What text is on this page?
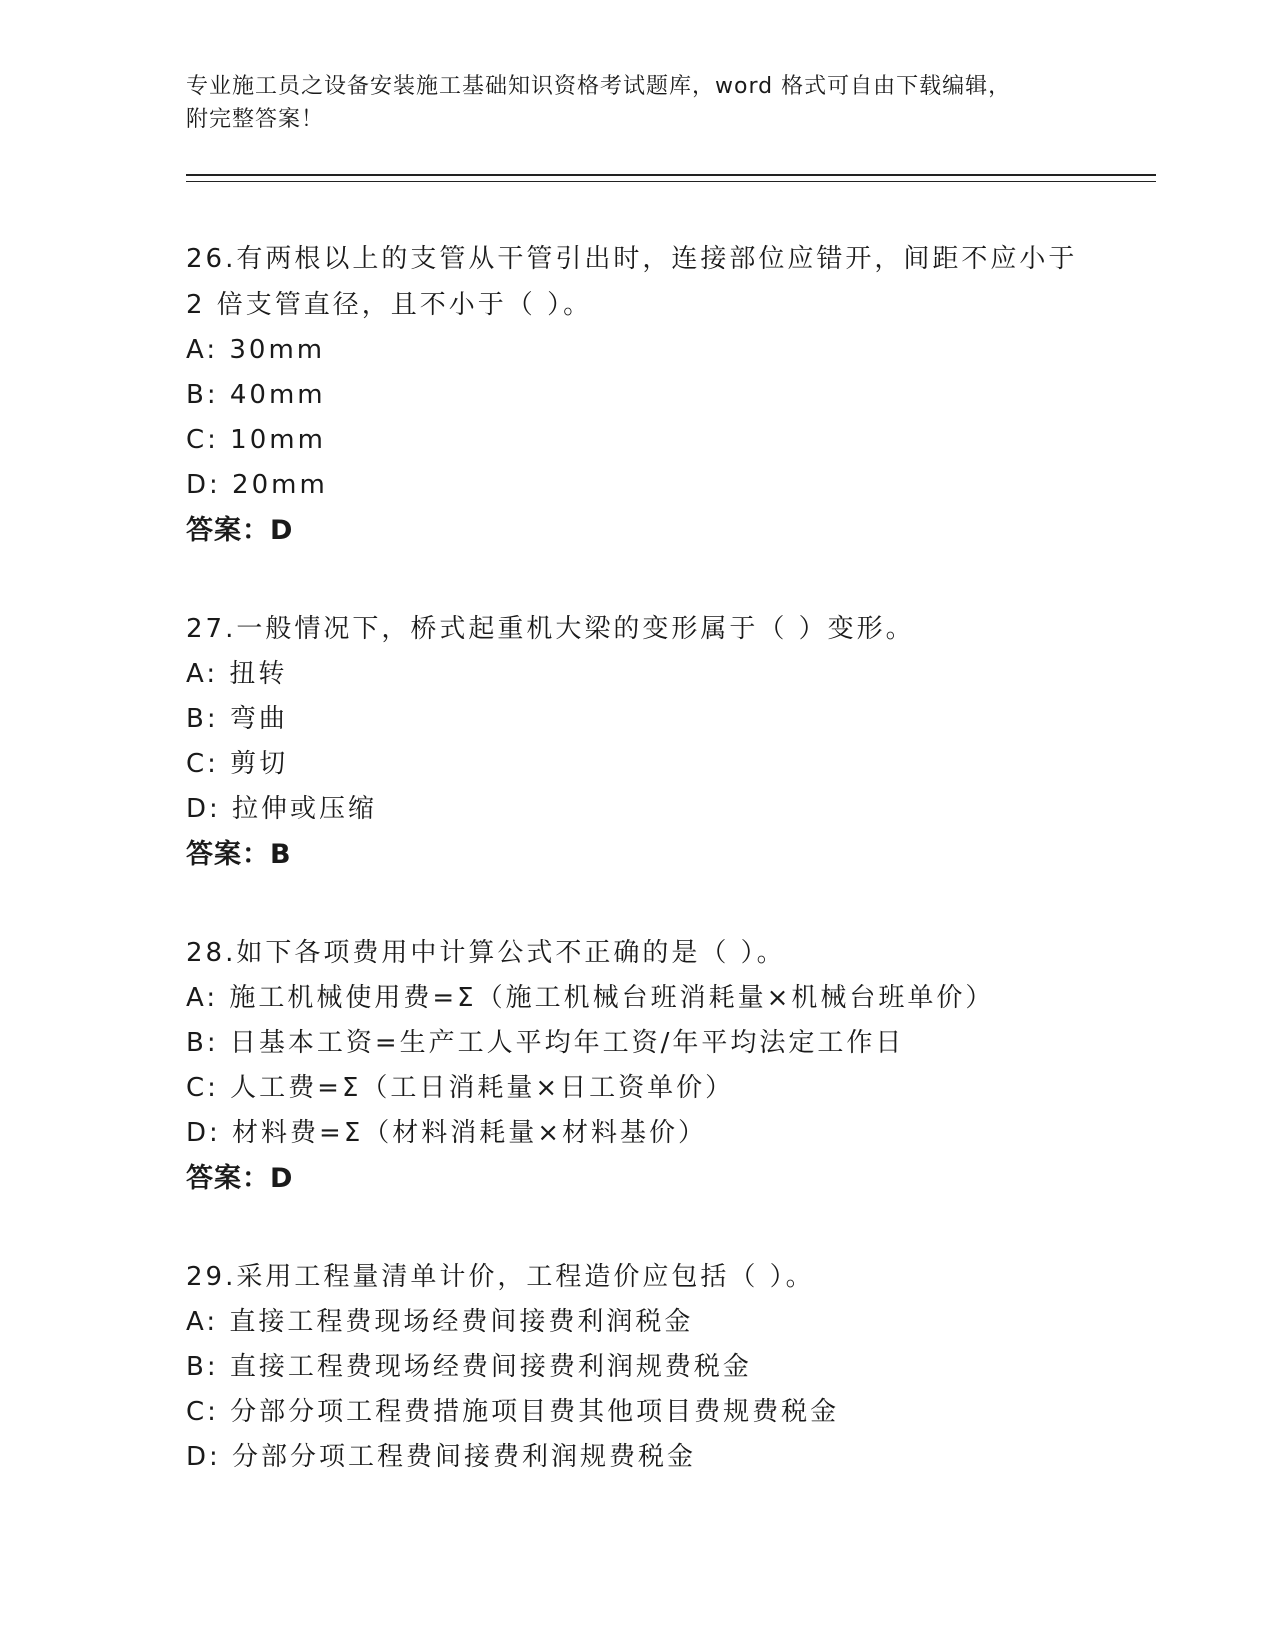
专业施工员之设备安装施工基础知识资格考试题库，word 格式可自由下载编辑，

附完整答案！

26.有两根以上的支管从干管引出时，连接部位应错开，间距不应小于

2 倍支管直径，且不小于（ ）。

A: 30mm

B: 40mm

C: 10mm

D: 20mm

答案：D

27.一般情况下，桥式起重机大梁的变形属于（ ）变形。

A: 扭转

B: 弯曲

C: 剪切

D: 拉伸或压缩

答案：B

28.如下各项费用中计算公式不正确的是（ ）。

A: 施工机械使用费=Σ（施工机械台班消耗量×机械台班单价）

B: 日基本工资=生产工人平均年工资/年平均法定工作日

C: 人工费=Σ（工日消耗量×日工资单价）

D: 材料费=Σ（材料消耗量×材料基价）

答案：D

29.采用工程量清单计价，工程造价应包括（ ）。

A: 直接工程费现场经费间接费利润税金

B: 直接工程费现场经费间接费利润规费税金

C: 分部分项工程费措施项目费其他项目费规费税金

D: 分部分项工程费间接费利润规费税金
